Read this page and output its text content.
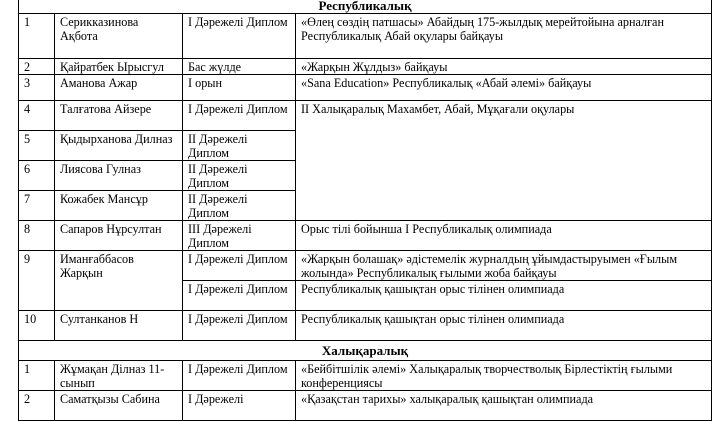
Республикалық			
1	Серикказинова Ақбота	І Дәрежелі Диплом	«Өлең сөздің патшасы» Абайдың 175-жылдық мерейтойына арналған Республикалық Абай оқулары байқауы
2	Қайратбек Ырысгул	Бас жүлде	«Жарқын Жұлдыз» байқауы
3	Аманова Ажар	І орын	«Sana Education» Республикалық «Абай әлемі» байқауы
4	Талғатова Айзере	І Дәрежелі Диплом	ІІ Халықаралық Махамбет, Абай, Мұқағали оқулары
5	Қыдырханова Дилназ	ІІ Дәрежелі Диплом	
6	Лиясова Гулназ	ІІ Дәрежелі Диплом	
7	Кожабек Мансұр	ІІ Дәрежелі Диплом	
8	Сапаров Нұрсултан	ІІІ Дәрежелі Диплом	Орыс тілі бойынша І Республикалық олимпиада
9	Иманғаббасов Жарқын	І Дәрежелі Диплом	«Жарқын болашақ» әдістемелік журналдың ұйымдастыруымен «Ғылым жолында» Республикалық ғылыми жоба байқауы
		І Дәрежелі Диплом	Республикалық қашықтан орыс тілінен олимпиада
10	Султанканов Н	І Дәрежелі Диплом	Республикалық қашықтан орыс тілінен олимпиада
Халықаралық			
1	Жұмақан Ділназ 11-сынып	І Дәрежелі Диплом	«Бейбітшілік әлемі» Халықаралық творчестволық Бірлестіктің ғылыми конференциясы
2	Саматқызы Сабина	І Дәрежелі	«Қазақстан тарихы» халықаралық қашықтан олимпиада
